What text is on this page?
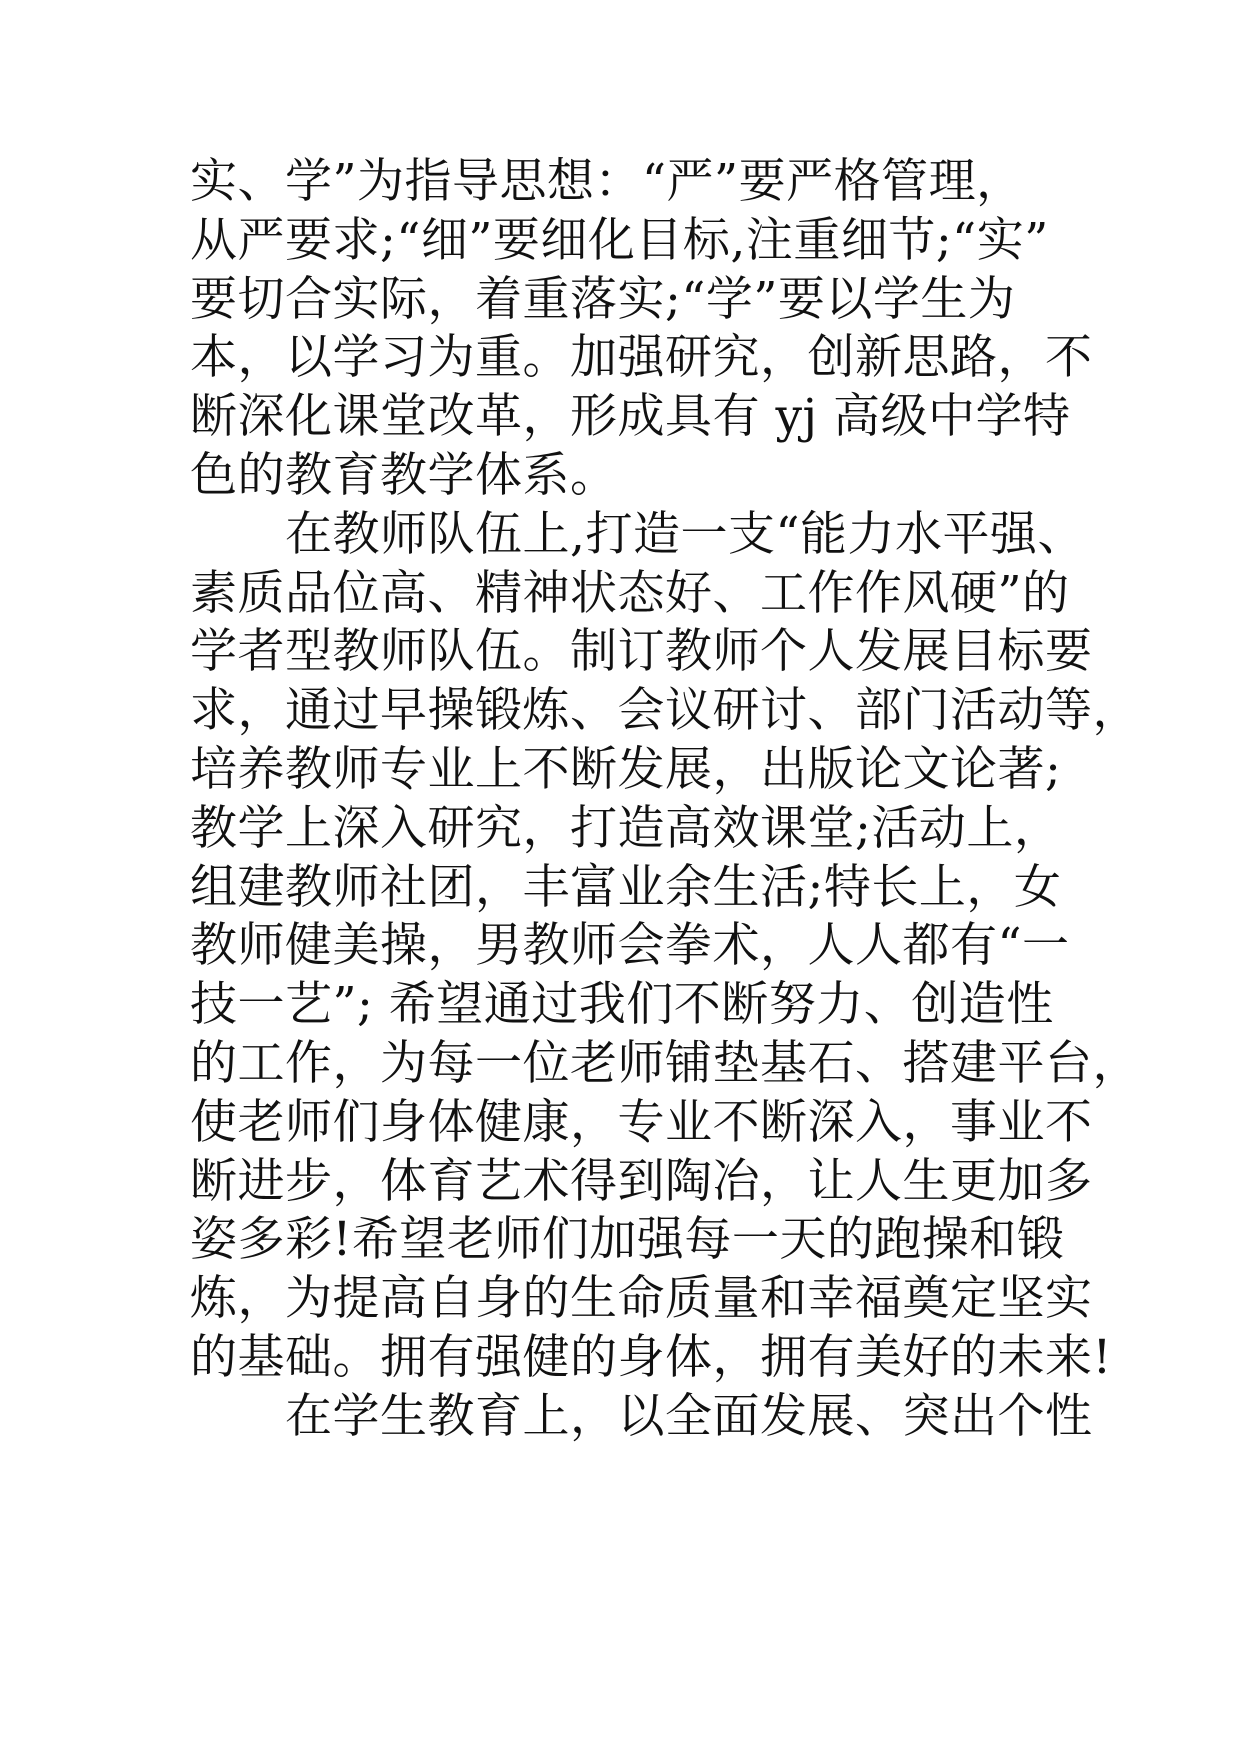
实、学”为指导思想：“严”要严格管理，

从严要求;“细”要细化目标,注重细节;“实”

要切合实际，着重落实;“学”要以学生为

本，以学习为重。加强研究，创新思路，不

断深化课堂改革，形成具有 yj 高级中学特

色的教育教学体系。

　　在教师队伍上,打造一支“能力水平强、

素质品位高、精神状态好、工作作风硬”的

学者型教师队伍。制订教师个人发展目标要

求，通过早操锻炼、会议研讨、部门活动等，

培养教师专业上不断发展，出版论文论著;

教学上深入研究，打造高效课堂;活动上，

组建教师社团，丰富业余生活;特长上，女

教师健美操，男教师会拳术，人人都有“一

技一艺”; 希望通过我们不断努力、创造性

的工作，为每一位老师铺垫基石、搭建平台，

使老师们身体健康，专业不断深入，事业不

断进步，体育艺术得到陶冶，让人生更加多

姿多彩!希望老师们加强每一天的跑操和锻

炼，为提高自身的生命质量和幸福奠定坚实

的基础。拥有强健的身体，拥有美好的未来!

　　在学生教育上，以全面发展、突出个性
